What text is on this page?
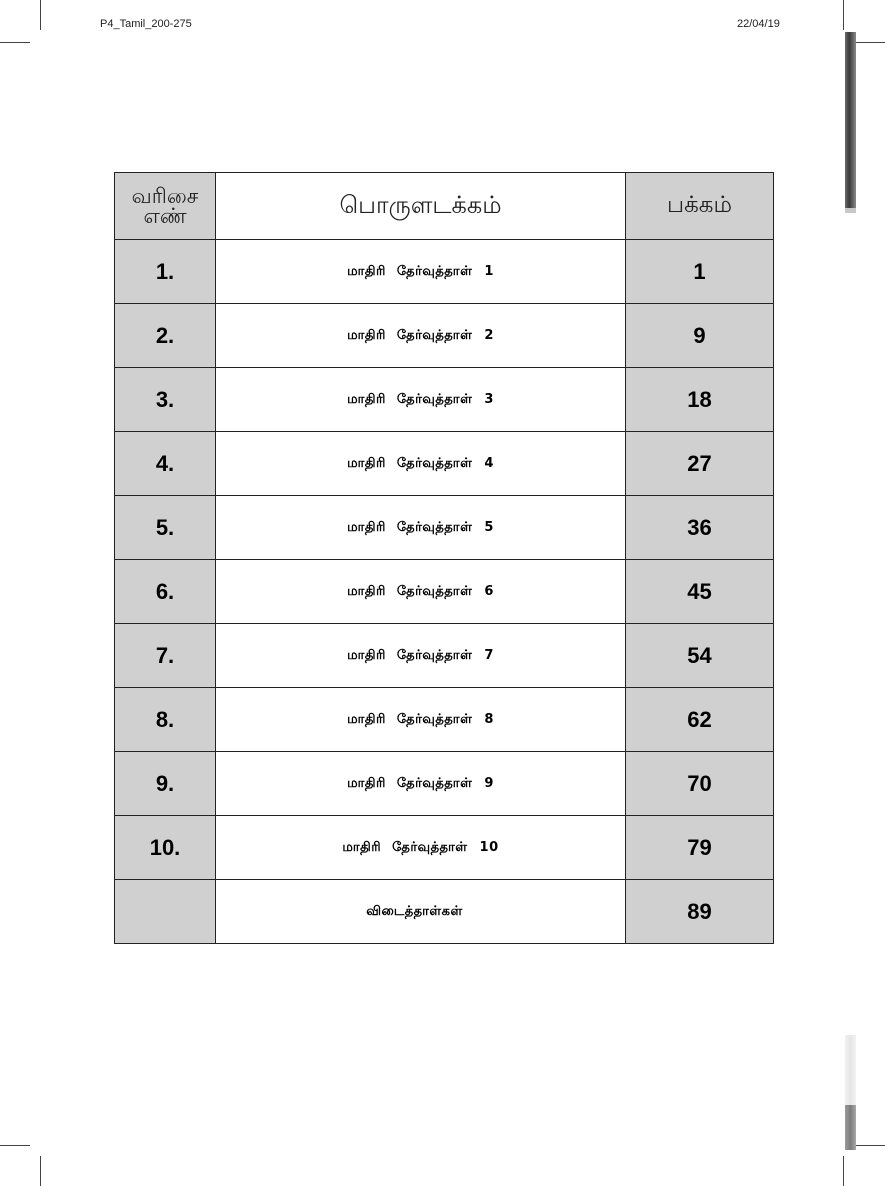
P4_Tamil_200-275	22/04/19
வரிசை
எண்	பொருளடக்கம்	பக்கம்
1.	மாதிரி தேர்வுத்தாள் 1	1
2.	மாதிரி தேர்வுத்தாள் 2	9
3.	மாதிரி தேர்வுத்தாள் 3	18
4.	மாதிரி தேர்வுத்தாள் 4	27
5.	மாதிரி தேர்வுத்தாள் 5	36
6.	மாதிரி தேர்வுத்தாள் 6	45
7.	மாதிரி தேர்வுத்தாள் 7	54
8.	மாதிரி தேர்வுத்தாள் 8	62
9.	மாதிரி தேர்வுத்தாள் 9	70
10.	மாதிரி தேர்வுத்தாள் 10	79
	விடைத்தாள்கள்	89
